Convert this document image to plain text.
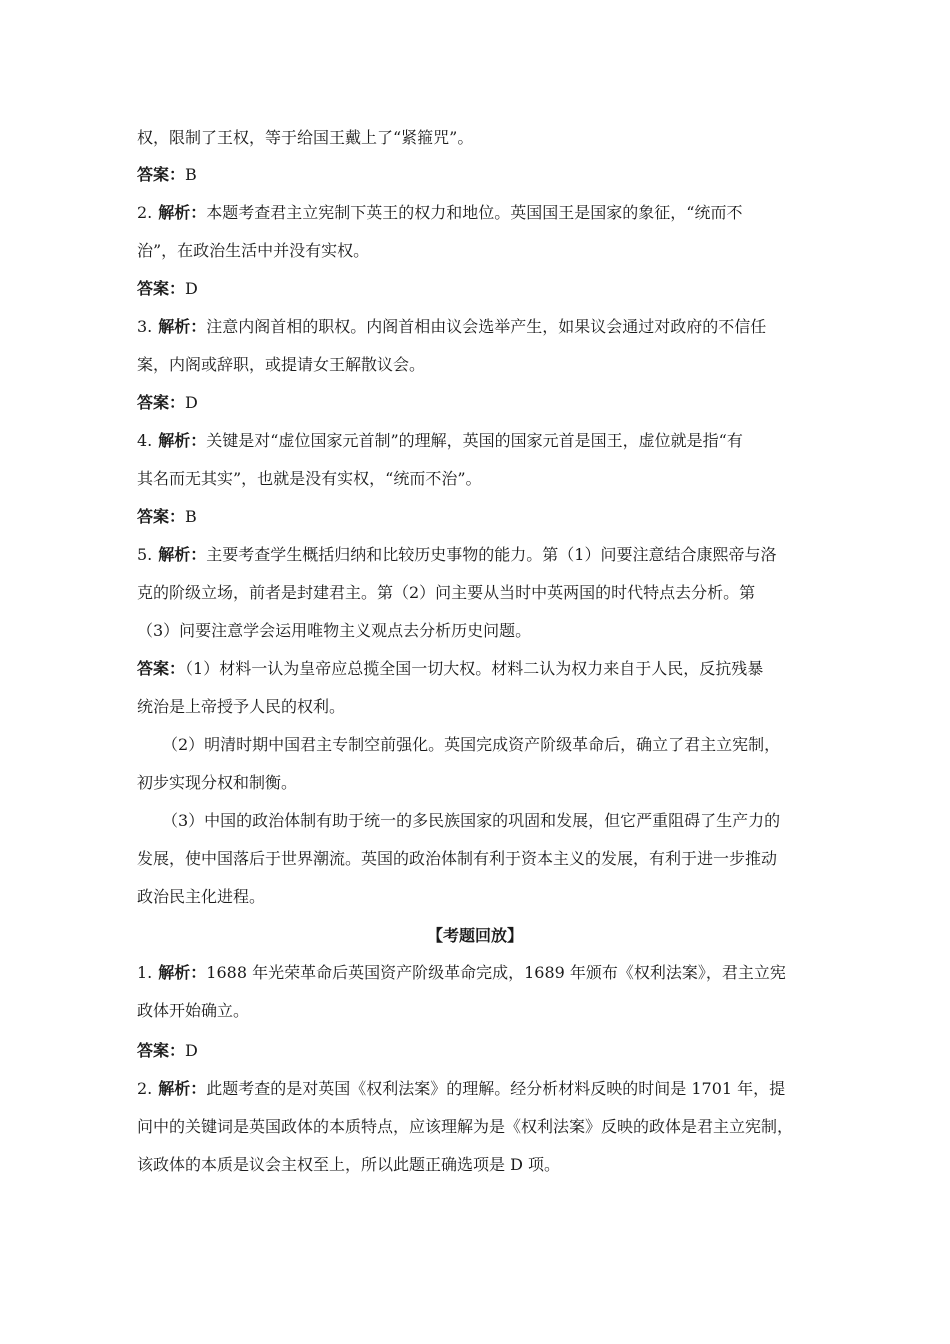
权，限制了王权，等于给国王戴上了“紧箍咒”。
答案：B
2. 解析：本题考查君主立宪制下英王的权力和地位。英国国王是国家的象征，“统而不
治”，在政治生活中并没有实权。
答案：D
3. 解析：注意内阁首相的职权。内阁首相由议会选举产生，如果议会通过对政府的不信任
案，内阁或辞职，或提请女王解散议会。
答案：D
4. 解析：关键是对“虚位国家元首制”的理解，英国的国家元首是国王，虚位就是指“有
其名而无其实”，也就是没有实权，“统而不治”。
答案：B
5. 解析：主要考查学生概括归纳和比较历史事物的能力。第（1）问要注意结合康熙帝与洛
克的阶级立场，前者是封建君主。第（2）问主要从当时中英两国的时代特点去分析。第
（3）问要注意学会运用唯物主义观点去分析历史问题。
答案：（1）材料一认为皇帝应总揽全国一切大权。材料二认为权力来自于人民，反抗残暴
统治是上帝授予人民的权利。
（2）明清时期中国君主专制空前强化。英国完成资产阶级革命后，确立了君主立宪制，
初步实现分权和制衡。
（3）中国的政治体制有助于统一的多民族国家的巩固和发展，但它严重阻碍了生产力的
发展，使中国落后于世界潮流。英国的政治体制有利于资本主义的发展，有利于进一步推动
政治民主化进程。
【考题回放】
1. 解析：1688 年光荣革命后英国资产阶级革命完成，1689 年颁布《权利法案》，君主立宪
政体开始确立。
答案：D
2. 解析：此题考查的是对英国《权利法案》的理解。经分析材料反映的时间是 1701 年，提
问中的关键词是英国政体的本质特点，应该理解为是《权利法案》反映的政体是君主立宪制，
该政体的本质是议会主权至上，所以此题正确选项是 D 项。
